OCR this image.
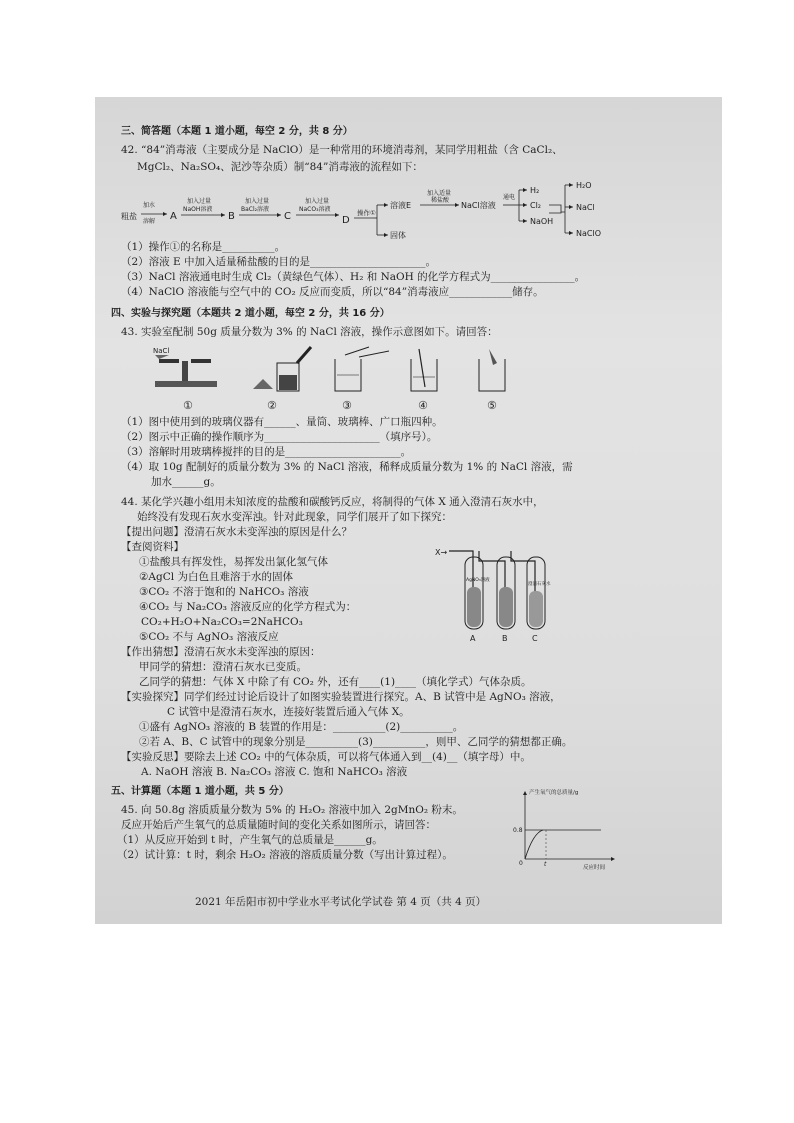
三、简答题（本题 1 道小题，每空 2 分，共 8 分）
42. “84”消毒液（主要成分是 NaClO）是一种常用的环境消毒剂，某同学用粗盐（含 CaCl₂、
MgCl₂、Na₂SO₄、泥沙等杂质）制“84”消毒液的流程如下：
粗盐
加水
溶解 A
加入过量
NaOH溶液
B
加入过量
BaCl₂溶液
C
加入过量
NaCO₃溶液
D
操作①
溶液E
固体
加入适量
稀盐酸
NaCl溶液
通电
H₂
Cl₂
NaOH
H₂O
NaCl
NaClO
（1）操作①的名称是__________。
（2）溶液 E 中加入适量稀盐酸的目的是______________________。
（3）NaCl 溶液通电时生成 Cl₂（黄绿色气体）、H₂ 和 NaOH 的化学方程式为________________。
（4）NaClO 溶液能与空气中的 CO₂ 反应而变质，所以“84”消毒液应____________储存。
四、实验与探究题（本题共 2 道小题，每空 2 分，共 16 分）
43. 实验室配制 50g 质量分数为 3% 的 NaCl 溶液，操作示意图如下。请回答：
NaCl
①	②	③	④	⑤
（1）图中使用到的玻璃仪器有______、量筒、玻璃棒、广口瓶四种。
（2）图示中正确的操作顺序为______________________（填序号）。
（3）溶解时用玻璃棒搅拌的目的是______________________。
（4）取 10g 配制好的质量分数为 3% 的 NaCl 溶液，稀释成质量分数为 1% 的 NaCl 溶液，需
加水______g。
44. 某化学兴趣小组用未知浓度的盐酸和碳酸钙反应，将制得的气体 X 通入澄清石灰水中，
始终没有发现石灰水变浑浊。针对此现象，同学们展开了如下探究：
【提出问题】澄清石灰水未变浑浊的原因是什么？
【查阅资料】
①盐酸具有挥发性，易挥发出氯化氢气体
②AgCl 为白色且难溶于水的固体
③CO₂ 不溶于饱和的 NaHCO₃ 溶液
④CO₂ 与 Na₂CO₃ 溶液反应的化学方程式为：
CO₂+H₂O+Na₂CO₃=2NaHCO₃
⑤CO₂ 不与 AgNO₃ 溶液反应
X→
AgNO₃溶液
澄清石灰水
A	B	C
【作出猜想】澄清石灰水未变浑浊的原因：
甲同学的猜想：澄清石灰水已变质。
乙同学的猜想：气体 X 中除了有 CO₂ 外，还有____(1)____（填化学式）气体杂质。
【实验探究】同学们经过讨论后设计了如图实验装置进行探究。A、B 试管中是 AgNO₃ 溶液，
C 试管中是澄清石灰水，连接好装置后通入气体 X。
①盛有 AgNO₃ 溶液的 B 装置的作用是：__________(2)__________。
②若 A、B、C 试管中的现象分别是__________(3)__________，则甲、乙同学的猜想都正确。
【实验反思】要除去上述 CO₂ 中的气体杂质，可以将气体通入到__(4)__（填字母）中。
A. NaOH 溶液 B. Na₂CO₃ 溶液 C. 饱和 NaHCO₃ 溶液
五、计算题（本题 1 道小题，共 5 分）
45. 向 50.8g 溶质质量分数为 5% 的 H₂O₂ 溶液中加入 2gMnO₂ 粉末。
反应开始后产生氧气的总质量随时间的变化关系如图所示，请回答：
（1）从反应开始到 t 时，产生氧气的总质量是______g。
（2）试计算：t 时，剩余 H₂O₂ 溶液的溶质质量分数（写出计算过程）。
产生氧气的总质量/g
反应时间
0
0.8
t
2021 年岳阳市初中学业水平考试化学试卷 第 4 页（共 4 页）
